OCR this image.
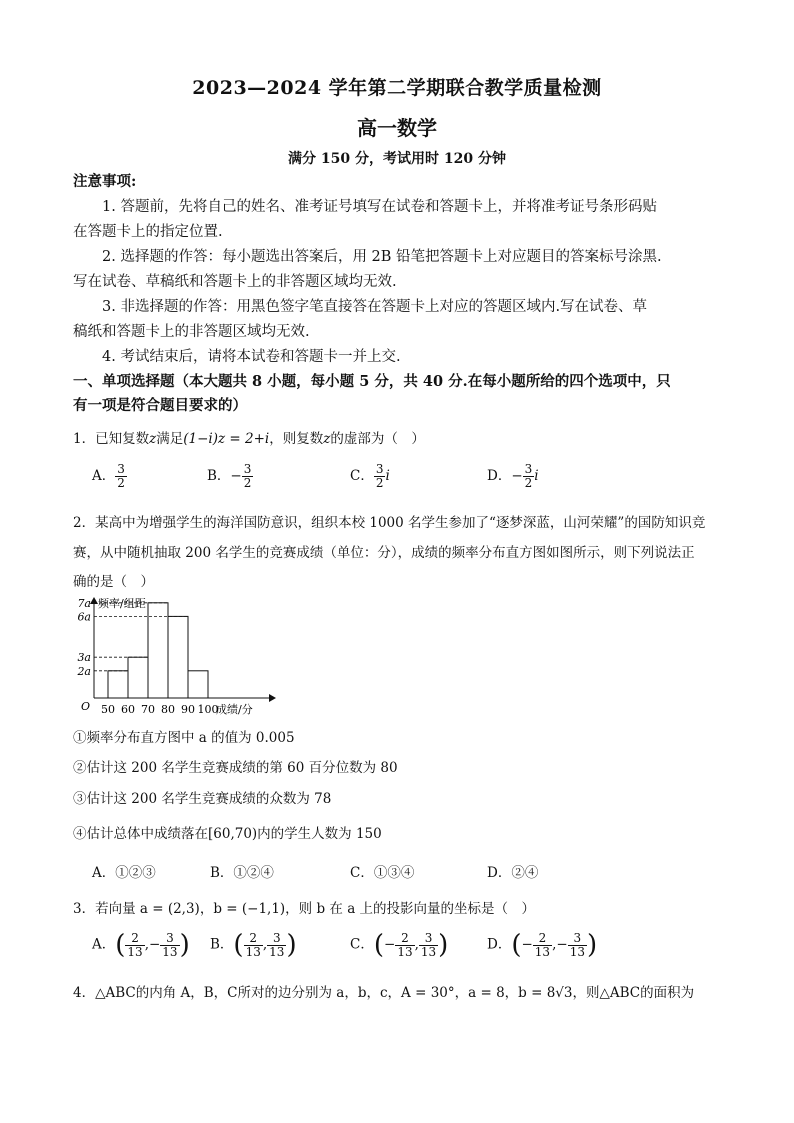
2023—2024 学年第二学期联合教学质量检测
高一数学
满分 150 分，考试用时 120 分钟
注意事项:
1. 答题前，先将自己的姓名、准考证号填写在试卷和答题卡上，并将准考证号条形码贴
在答题卡上的指定位置.
2. 选择题的作答：每小题选出答案后，用 2B 铅笔把答题卡上对应题目的答案标号涂黑.
写在试卷、草稿纸和答题卡上的非答题区域均无效.
3. 非选择题的作答：用黑色签字笔直接答在答题卡上对应的答题区域内.写在试卷、草
稿纸和答题卡上的非答题区域均无效.
4. 考试结束后，请将本试卷和答题卡一并上交.
一、单项选择题（本大题共 8 小题，每小题 5 分，共 40 分.在每小题所给的四个选项中，只
有一项是符合题目要求的）
1．已知复数z满足(1−i)z = 2+i，则复数z的虚部为（　）
A． $\frac{3}{2}$	B．− $\frac{3}{2}$	C． $\frac{3}{2}$ i	D．− $\frac{3}{2}$ i
2．某高中为增强学生的海洋国防意识，组织本校 1000 名学生参加了“逐梦深蓝，山河荣耀”的国防知识竞
赛，从中随机抽取 200 名学生的竞赛成绩（单位：分），成绩的频率分布直方图如图所示，则下列说法正
确的是（　）
2a
3a
6a
7a
50 60 70 80 90 100
O
频率/组距
成绩/分
①频率分布直方图中 a 的值为 0.005
②估计这 200 名学生竞赛成绩的第 60 百分位数为 80
③估计这 200 名学生竞赛成绩的众数为 78
④估计总体中成绩落在[60,70)内的学生人数为 150
A．①②③	B．①②④	C．①③④	D．②④
3．若向量 a = (2,3)，b = (−1,1)，则 b 在 a 上的投影向量的坐标是（　）
A．( $\frac{2}{13}$ ,− $\frac{3}{13}$ ) B．( $\frac{2}{13}$ , $\frac{3}{13}$ )	C．(− $\frac{2}{13}$ , $\frac{3}{13}$ )	D．(− $\frac{2}{13}$ ,− $\frac{3}{13}$ )
4．△ABC的内角 A，B，C所对的边分别为 a，b，c，A = 30°，a = 8，b = 8√3，则△ABC的面积为
